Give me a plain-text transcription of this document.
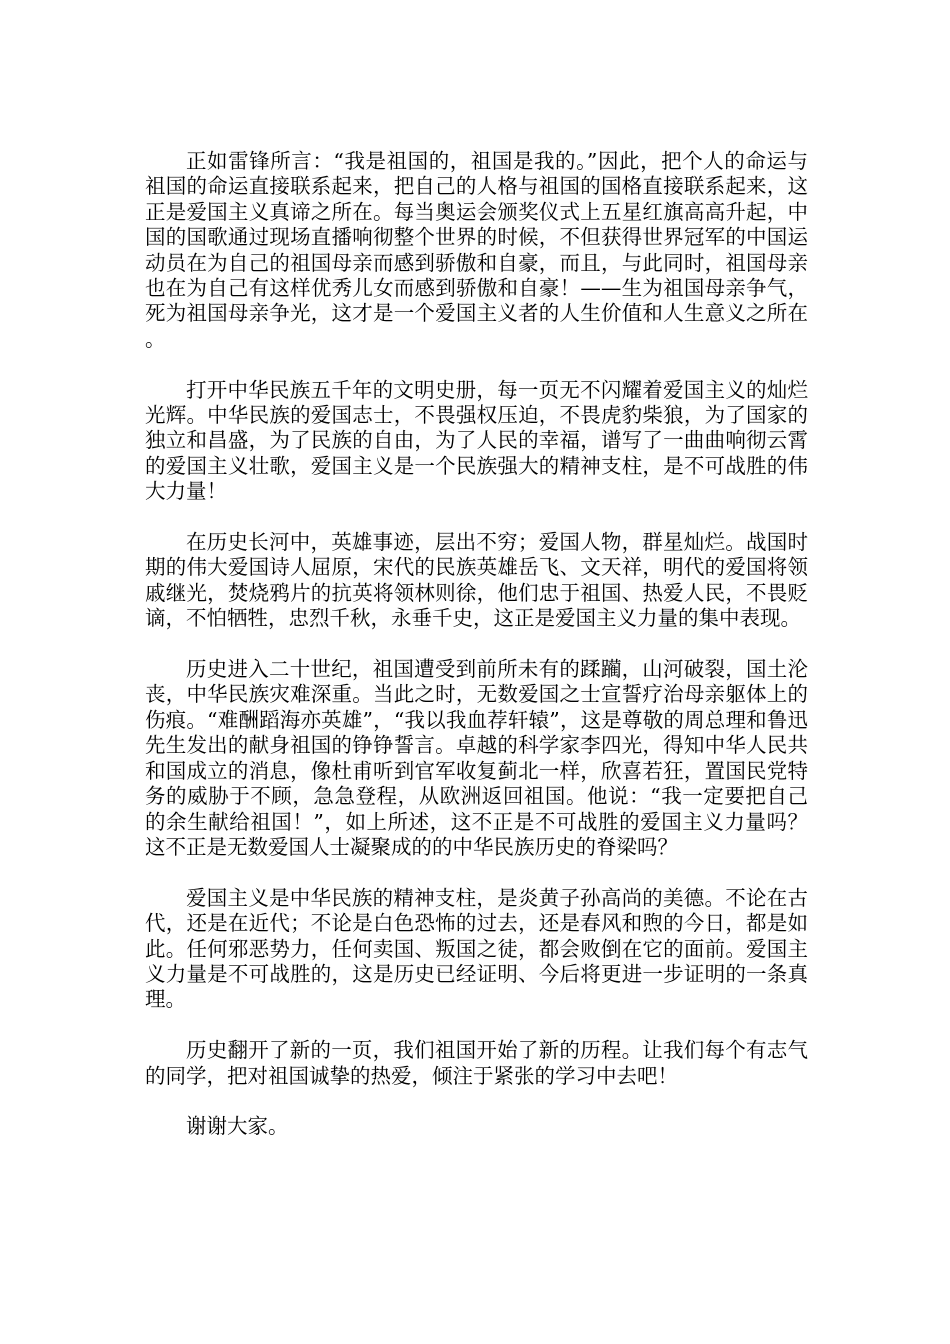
正如雷锋所言：“我是祖国的，祖国是我的。”因此，把个人的命运与祖国的命运直接联系起来，把自己的人格与祖国的国格直接联系起来，这正是爱国主义真谛之所在。每当奥运会颁奖仪式上五星红旗高高升起，中国的国歌通过现场直播响彻整个世界的时候，不但获得世界冠军的中国运动员在为自己的祖国母亲而感到骄傲和自豪，而且，与此同时，祖国母亲也在为自己有这样优秀儿女而感到骄傲和自豪！——生为祖国母亲争气，死为祖国母亲争光，这才是一个爱国主义者的人生价值和人生意义之所在。

打开中华民族五千年的文明史册，每一页无不闪耀着爱国主义的灿烂光辉。中华民族的爱国志士，不畏强权压迫，不畏虎豹柴狼，为了国家的独立和昌盛，为了民族的自由，为了人民的幸福，谱写了一曲曲响彻云霄的爱国主义壮歌，爱国主义是一个民族强大的精神支柱，是不可战胜的伟大力量！

在历史长河中，英雄事迹，层出不穷；爱国人物，群星灿烂。战国时期的伟大爱国诗人屈原，宋代的民族英雄岳飞、文天祥，明代的爱国将领戚继光，焚烧鸦片的抗英将领林则徐，他们忠于祖国、热爱人民，不畏贬谪，不怕牺牲，忠烈千秋，永垂千史，这正是爱国主义力量的集中表现。

历史进入二十世纪，祖国遭受到前所未有的蹂躏，山河破裂，国土沦丧，中华民族灾难深重。当此之时，无数爱国之士宣誓疗治母亲躯体上的伤痕。“难酬蹈海亦英雄”，“我以我血荐轩辕”，这是尊敬的周总理和鲁迅先生发出的献身祖国的铮铮誓言。卓越的科学家李四光，得知中华人民共和国成立的消息，像杜甫听到官军收复蓟北一样，欣喜若狂，置国民党特务的威胁于不顾，急急登程，从欧洲返回祖国。他说：“我一定要把自己的余生献给祖国！”，如上所述，这不正是不可战胜的爱国主义力量吗？这不正是无数爱国人士凝聚成的的中华民族历史的脊梁吗？

爱国主义是中华民族的精神支柱，是炎黄子孙高尚的美德。不论在古代，还是在近代；不论是白色恐怖的过去，还是春风和煦的今日，都是如此。任何邪恶势力，任何卖国、叛国之徒，都会败倒在它的面前。爱国主义力量是不可战胜的，这是历史已经证明、今后将更进一步证明的一条真理。

历史翻开了新的一页，我们祖国开始了新的历程。让我们每个有志气的同学，把对祖国诚挚的热爱，倾注于紧张的学习中去吧！

谢谢大家。
